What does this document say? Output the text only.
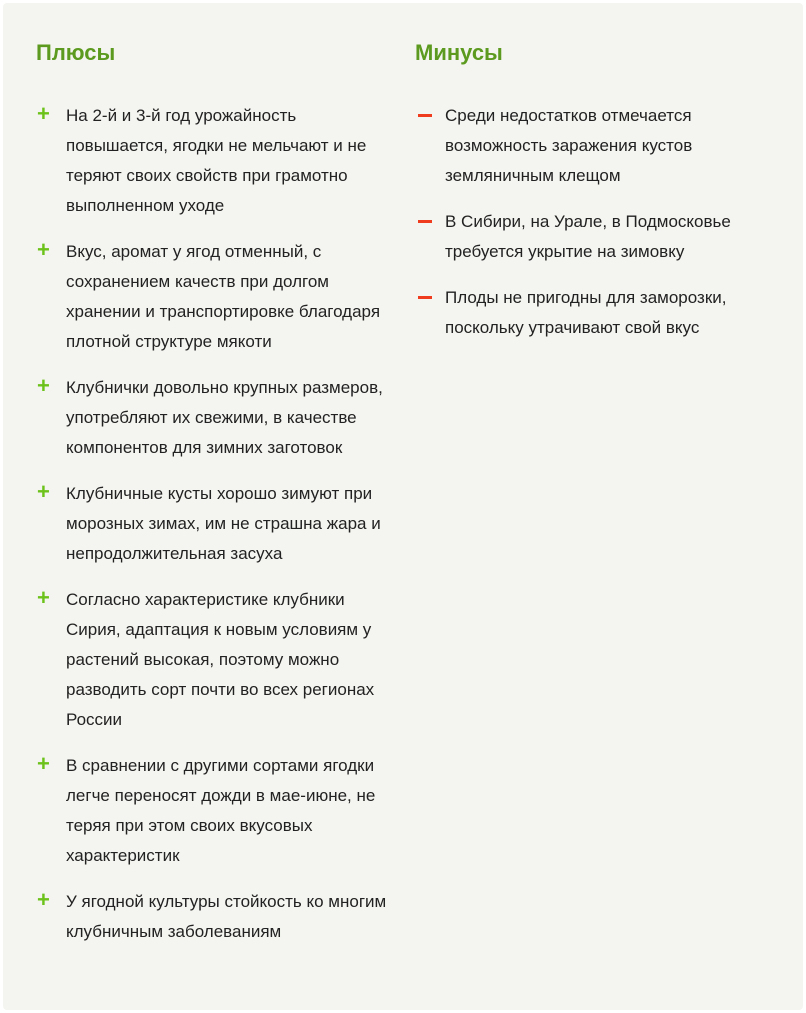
Плюсы
+ На 2-й и 3-й год урожайность повышается, ягодки не мельчают и не теряют своих свойств при грамотно выполненном уходе
+ Вкус, аромат у ягод отменный, с сохранением качеств при долгом хранении и транспортировке благодаря плотной структуре мякоти
+ Клубнички довольно крупных размеров, употребляют их свежими, в качестве компонентов для зимних заготовок
+ Клубничные кусты хорошо зимуют при морозных зимах, им не страшна жара и непродолжительная засуха
+ Согласно характеристике клубники Сирия, адаптация к новым условиям у растений высокая, поэтому можно разводить сорт почти во всех регионах России
+ В сравнении с другими сортами ягодки легче переносят дожди в мае-июне, не теряя при этом своих вкусовых характеристик
+ У ягодной культуры стойкость ко многим клубничным заболеваниям
Минусы
Среди недостатков отмечается возможность заражения кустов земляничным клещом
В Сибири, на Урале, в Подмосковье требуется укрытие на зимовку
Плоды не пригодны для заморозки, поскольку утрачивают свой вкус
